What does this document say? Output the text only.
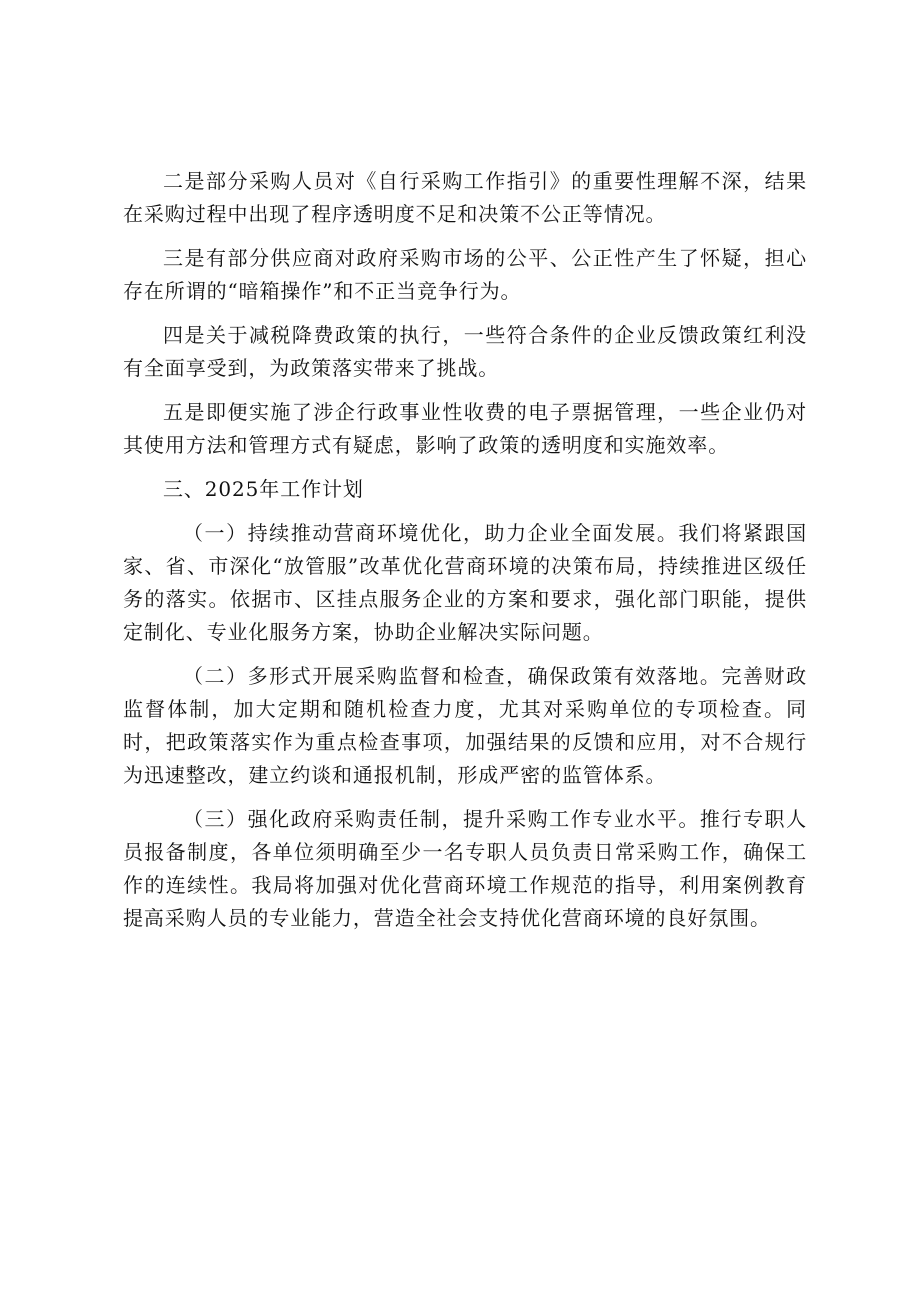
二是部分采购人员对《自行采购工作指引》的重要性理解不深，结果在采购过程中出现了程序透明度不足和决策不公正等情况。

三是有部分供应商对政府采购市场的公平、公正性产生了怀疑，担心存在所谓的“暗箱操作”和不正当竞争行为。

四是关于减税降费政策的执行，一些符合条件的企业反馈政策红利没有全面享受到，为政策落实带来了挑战。

五是即便实施了涉企行政事业性收费的电子票据管理，一些企业仍对其使用方法和管理方式有疑虑，影响了政策的透明度和实施效率。

三、2025年工作计划

（一）持续推动营商环境优化，助力企业全面发展。我们将紧跟国家、省、市深化“放管服”改革优化营商环境的决策布局，持续推进区级任务的落实。依据市、区挂点服务企业的方案和要求，强化部门职能，提供定制化、专业化服务方案，协助企业解决实际问题。

（二）多形式开展采购监督和检查，确保政策有效落地。完善财政监督体制，加大定期和随机检查力度，尤其对采购单位的专项检查。同时，把政策落实作为重点检查事项，加强结果的反馈和应用，对不合规行为迅速整改，建立约谈和通报机制，形成严密的监管体系。

（三）强化政府采购责任制，提升采购工作专业水平。推行专职人员报备制度，各单位须明确至少一名专职人员负责日常采购工作，确保工作的连续性。我局将加强对优化营商环境工作规范的指导，利用案例教育提高采购人员的专业能力，营造全社会支持优化营商环境的良好氛围。
